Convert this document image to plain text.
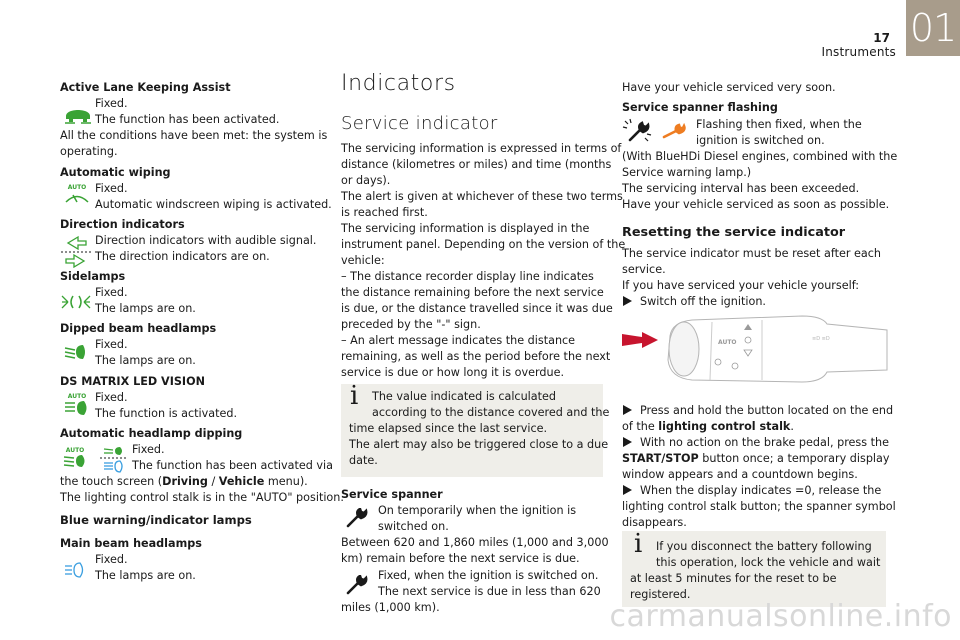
17
Instruments
01
Active Lane Keeping Assist
Fixed.
The function has been activated.
All the conditions have been met: the system is
operating.
Automatic wiping
AUTO Fixed.
Automatic windscreen wiping is activated.
Direction indicators
Direction indicators with audible signal.
The direction indicators are on.
Sidelamps
Fixed.
The lamps are on.
Dipped beam headlamps
Fixed.
The lamps are on.
DS MATRIX LED VISION
AUTO Fixed.
The function is activated.
Automatic headlamp dipping
AUTO	Fixed.
The function has been activated via
the touch screen (Driving / Vehicle menu).
The lighting control stalk is in the "AUTO" position.
Blue warning/indicator lamps
Main beam headlamps
Fixed.
The lamps are on.
Indicators
Service indicator
The servicing information is expressed in terms of
distance (kilometres or miles) and time (months
or days).
The alert is given at whichever of these two terms
is reached first.
The servicing information is displayed in the
instrument panel. Depending on the version of the
vehicle:
– The distance recorder display line indicates
the distance remaining before the next service
is due, or the distance travelled since it was due
preceded by the "-" sign.
– An alert message indicates the distance
remaining, as well as the period before the next
service is due or how long it is overdue.
i The value indicated is calculated
according to the distance covered and the
time elapsed since the last service.
The alert may also be triggered close to a due
date.
Service spanner
On temporarily when the ignition is
switched on.
Between 620 and 1,860 miles (1,000 and 3,000
km) remain before the next service is due.
Fixed, when the ignition is switched on.
The next service is due in less than 620
miles (1,000 km).
Have your vehicle serviced very soon.
Service spanner flashing
Flashing then fixed, when the
ignition is switched on.
(With BlueHDi Diesel engines, combined with the
Service warning lamp.)
The servicing interval has been exceeded.
Have your vehicle serviced as soon as possible.
Resetting the service indicator
The service indicator must be reset after each
service.
If you have serviced your vehicle yourself:
Switch off the ignition.
AUTO	≡D ≡D
Press and hold the button located on the end
of the lighting control stalk.
With no action on the brake pedal, press the
START/STOP button once; a temporary display
window appears and a countdown begins.
When the display indicates =0, release the
lighting control stalk button; the spanner symbol
disappears.
i If you disconnect the battery following
this operation, lock the vehicle and wait
at least 5 minutes for the reset to be
registered.
carmanualsonline.info
